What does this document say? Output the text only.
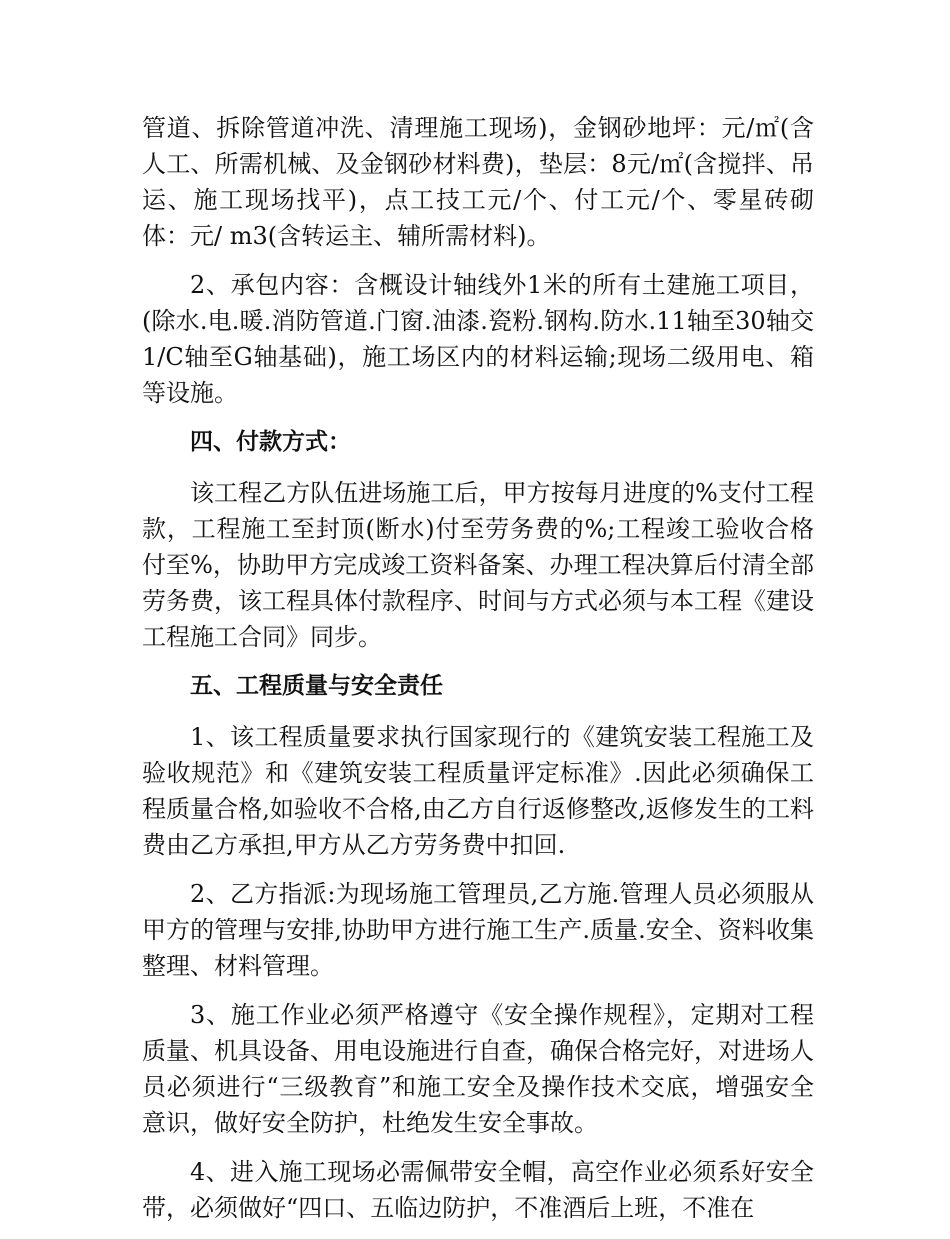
管道、拆除管道冲洗、清理施工现场)，金钢砂地坪：元/㎡(含人工、所需机械、及金钢砂材料费)，垫层：8元/㎡(含搅拌、吊运、施工现场找平)，点工技工元/个、付工元/个、零星砖砌体：元/ m3(含转运主、辅所需材料)。

2、承包内容：含概设计轴线外1米的所有土建施工项目，(除水.电.暖.消防管道.门窗.油漆.瓷粉.钢构.防水.11轴至30轴交1/C轴至G轴基础)，施工场区内的材料运输;现场二级用电、箱等设施。

四、付款方式：

该工程乙方队伍进场施工后，甲方按每月进度的%支付工程款，工程施工至封顶(断水)付至劳务费的%;工程竣工验收合格付至%，协助甲方完成竣工资料备案、办理工程决算后付清全部劳务费，该工程具体付款程序、时间与方式必须与本工程《建设工程施工合同》同步。

五、工程质量与安全责任

1、该工程质量要求执行国家现行的《建筑安装工程施工及验收规范》和《建筑安装工程质量评定标准》.因此必须确保工程质量合格,如验收不合格,由乙方自行返修整改,返修发生的工料费由乙方承担,甲方从乙方劳务费中扣回.

2、乙方指派:为现场施工管理员,乙方施.管理人员必须服从甲方的管理与安排,协助甲方进行施工生产.质量.安全、资料收集整理、材料管理。

3、施工作业必须严格遵守《安全操作规程》，定期对工程质量、机具设备、用电设施进行自查，确保合格完好，对进场人员必须进行“三级教育”和施工安全及操作技术交底，增强安全意识，做好安全防护，杜绝发生安全事故。

4、进入施工现场必需佩带安全帽，高空作业必须系好安全带，必须做好“四口、五临边防护，不准酒后上班，不准在
